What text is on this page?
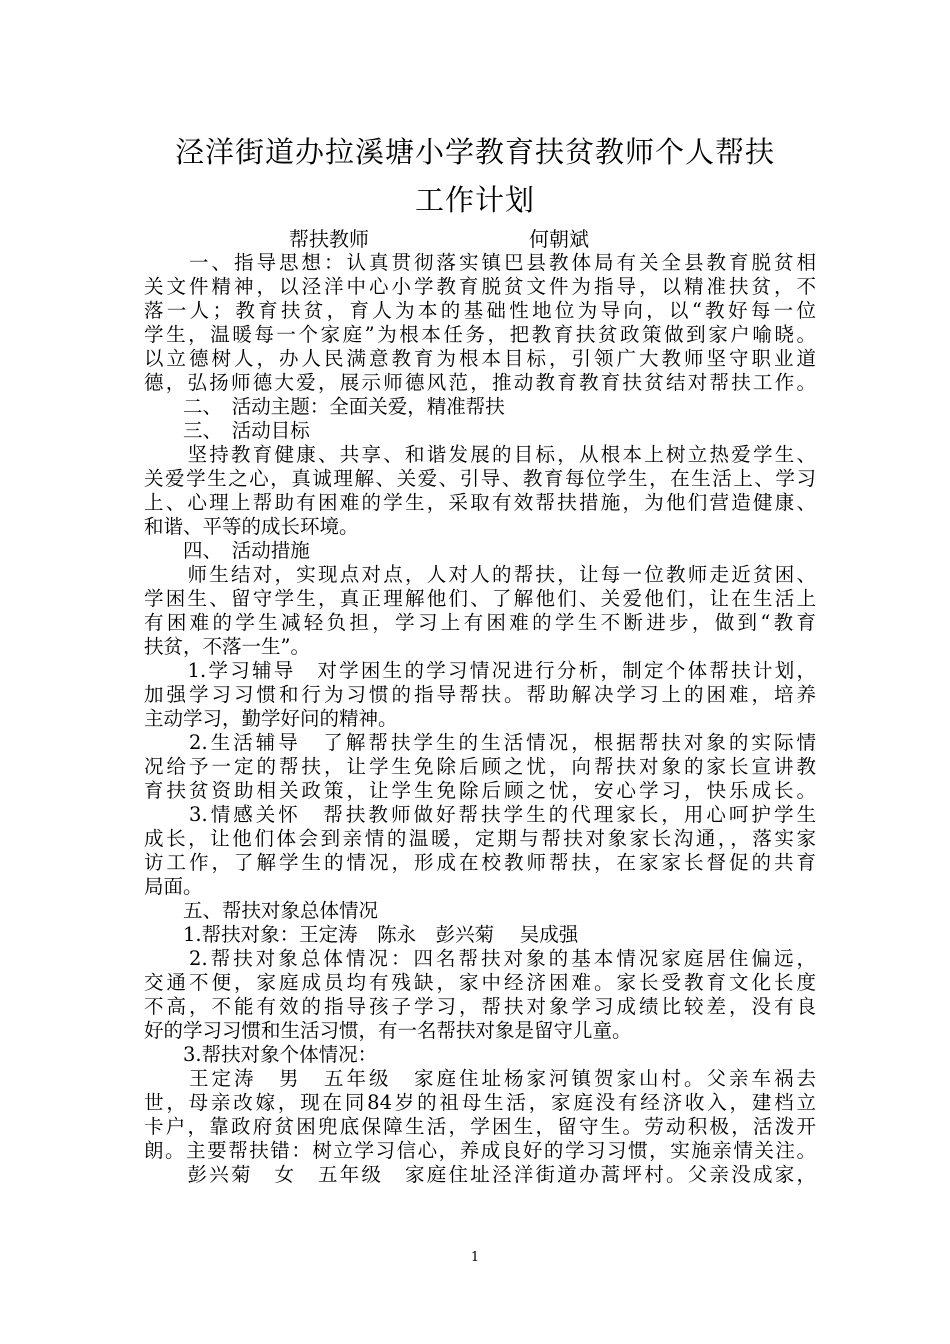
泾洋街道办拉溪塘小学教育扶贫教师个人帮扶
工作计划
帮扶教师	何朝斌
　　一、指导思想：认真贯彻落实镇巴县教体局有关全县教育脱贫相
关文件精神，以泾洋中心小学教育脱贫文件为指导，以精准扶贫，不
落一人；教育扶贫，育人为本的基础性地位为导向，以“教好每一位
学生，温暖每一个家庭”为根本任务，把教育扶贫政策做到家户喻晓。
以立德树人，办人民满意教育为根本目标，引领广大教师坚守职业道
德，弘扬师德大爱，展示师德风范，推动教育教育扶贫结对帮扶工作。
　　二、　活动主题：全面关爱，精准帮扶
　　三、　活动目标
　　坚持教育健康、共享、和谐发展的目标，从根本上树立热爱学生、
关爱学生之心，真诚理解、关爱、引导、教育每位学生，在生活上、学习
上、心理上帮助有困难的学生，采取有效帮扶措施，为他们营造健康、
和谐、平等的成长环境。
　　四、　活动措施
　　师生结对，实现点对点，人对人的帮扶，让每一位教师走近贫困、
学困生、留守学生，真正理解他们、了解他们、关爱他们，让在生活上
有困难的学生减轻负担，学习上有困难的学生不断进步，做到“教育
扶贫，不落一生”。
　　1.学习辅导　对学困生的学习情况进行分析，制定个体帮扶计划，
加强学习习惯和行为习惯的指导帮扶。帮助解决学习上的困难，培养
主动学习，勤学好问的精神。
　　2.生活辅导　了解帮扶学生的生活情况，根据帮扶对象的实际情
况给予一定的帮扶，让学生免除后顾之忧，向帮扶对象的家长宣讲教
育扶贫资助相关政策，让学生免除后顾之忧，安心学习，快乐成长。
　　3.情感关怀　帮扶教师做好帮扶学生的代理家长，用心呵护学生
成长，让他们体会到亲情的温暖，定期与帮扶对象家长沟通，，落实家
访工作，了解学生的情况，形成在校教师帮扶，在家家长督促的共育
局面。
　　五、帮扶对象总体情况
　　1.帮扶对象：王定涛　陈永　彭兴菊　 吴成强
　　2.帮扶对象总体情况：四名帮扶对象的基本情况家庭居住偏远，
交通不便，家庭成员均有残缺，家中经济困难。家长受教育文化长度
不高，不能有效的指导孩子学习，帮扶对象学习成绩比较差，没有良
好的学习习惯和生活习惯，有一名帮扶对象是留守儿童。
　　3.帮扶对象个体情况：
　　王定涛　男　五年级　家庭住址杨家河镇贺家山村。父亲车祸去
世，母亲改嫁，现在同84岁的祖母生活，家庭没有经济收入，建档立
卡户，靠政府贫困兜底保障生活，学困生，留守生。劳动积极，活泼开
朗。主要帮扶错：树立学习信心，养成良好的学习习惯，实施亲情关注。
　　彭兴菊　女　五年级　家庭住址泾洋街道办蒿坪村。父亲没成家，
1
